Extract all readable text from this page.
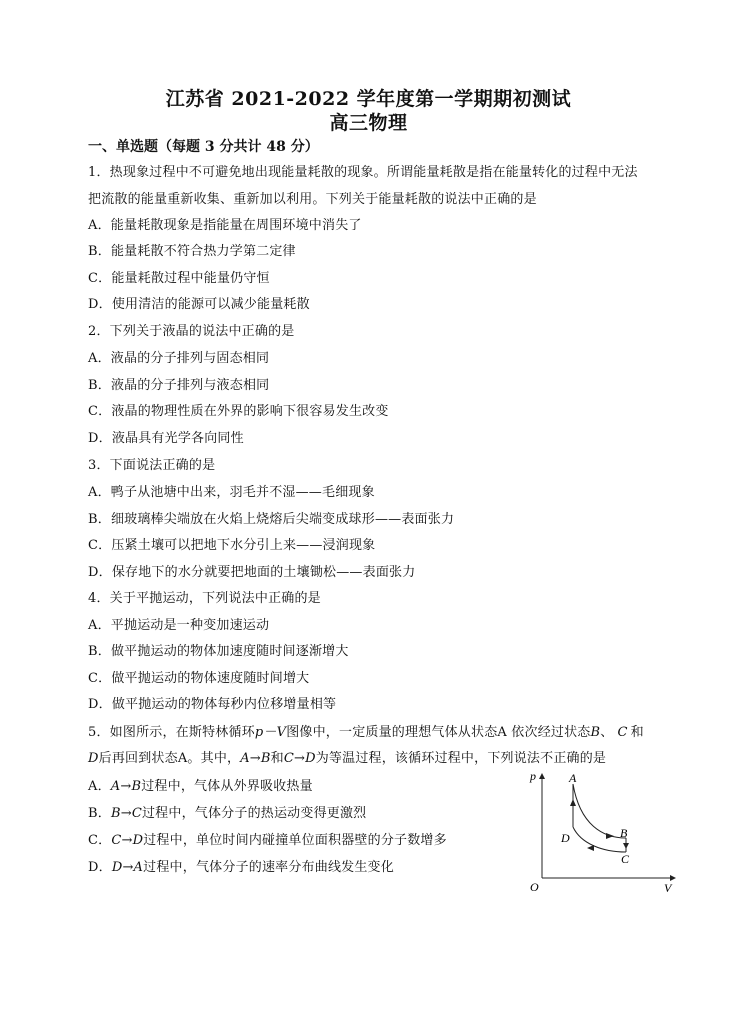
江苏省 2021-2022 学年度第一学期期初测试
高三物理
一、单选题（每题 3 分共计 48 分）
1．热现象过程中不可避免地出现能量耗散的现象。所谓能量耗散是指在能量转化的过程中无法
把流散的能量重新收集、重新加以利用。下列关于能量耗散的说法中正确的是
A．能量耗散现象是指能量在周围环境中消失了
B．能量耗散不符合热力学第二定律
C．能量耗散过程中能量仍守恒
D．使用清洁的能源可以减少能量耗散
2．下列关于液晶的说法中正确的是
A．液晶的分子排列与固态相同
B．液晶的分子排列与液态相同
C．液晶的物理性质在外界的影响下很容易发生改变
D．液晶具有光学各向同性
3．下面说法正确的是
A．鸭子从池塘中出来，羽毛并不湿——毛细现象
B．细玻璃棒尖端放在火焰上烧熔后尖端变成球形——表面张力
C．压紧土壤可以把地下水分引上来——浸润现象
D．保存地下的水分就要把地面的土壤锄松——表面张力
4．关于平抛运动，下列说法中正确的是
A．平抛运动是一种变加速运动
B．做平抛运动的物体加速度随时间逐渐增大
C．做平抛运动的物体速度随时间增大
D．做平抛运动的物体每秒内位移增量相等
5．如图所示，在斯特林循环p－V图像中，一定质量的理想气体从状态A 依次经过状态B、 C 和
D后再回到状态A。其中，A→B和C→D为等温过程，该循环过程中，下列说法不正确的是
A．A→B过程中，气体从外界吸收热量
B．B→C过程中，气体分子的热运动变得更激烈
C．C→D过程中，单位时间内碰撞单位面积器壁的分子数增多
D．D→A过程中，气体分子的速率分布曲线发生变化
p
V
O
A
B
C
D
